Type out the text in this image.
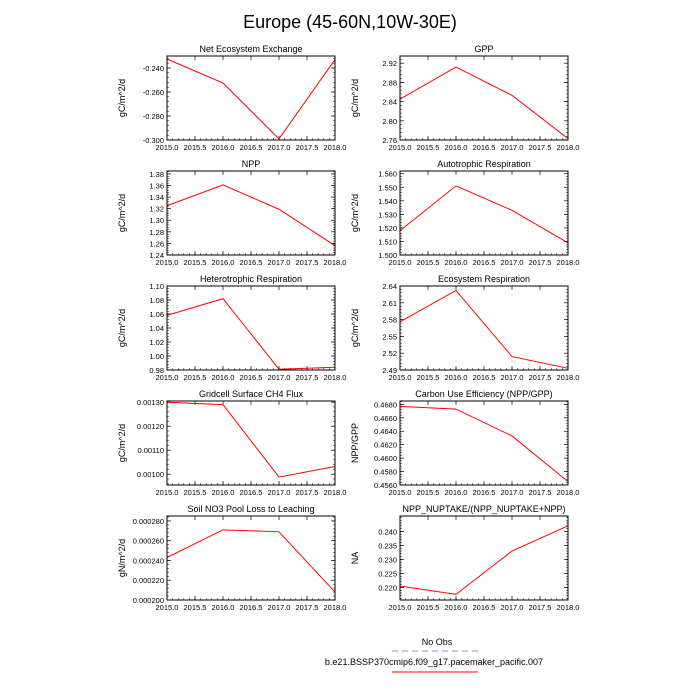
Europe (45-60N,10W-30E)
Net Ecosystem Exchange
gC/m^2/d
2015.0 2015.5 2016.0 2016.5 2017.0 2017.5 2018.0
-0.300
-0.280
-0.260
-0.240
GPP
gC/m^2/d
2015.0 2015.5 2016.0 2016.5 2017.0 2017.5 2018.0
2.76
2.80
2.84
2.88
2.92
NPP
gC/m^2/d
2015.0 2015.5 2016.0 2016.5 2017.0 2017.5 2018.0
1.24
1.26
1.28
1.30
1.32
1.34
1.36
1.38
Autotrophic Respiration
gC/m^2/d
2015.0 2015.5 2016.0 2016.5 2017.0 2017.5 2018.0
1.500
1.510
1.520
1.530
1.540
1.550
1.560
Heterotrophic Respiration
gC/m^2/d
2015.0 2015.5 2016.0 2016.5 2017.0 2017.5 2018.0
0.98
1.00
1.02
1.04
1.06
1.08
1.10
Ecosystem Respiration
gC/m^2/d
2015.0 2015.5 2016.0 2016.5 2017.0 2017.5 2018.0
2.49
2.52
2.55
2.58
2.61
2.64
Gridcell Surface CH4 Flux
gC/m^2/d
2015.0 2015.5 2016.0 2016.5 2017.0 2017.5 2018.0
0.00100
0.00110
0.00120
0.00130
Carbon Use Efficiency (NPP/GPP)
NPP/GPP
2015.0 2015.5 2016.0 2016.5 2017.0 2017.5 2018.0
0.4560
0.4580
0.4600
0.4620
0.4640
0.4660
0.4680
Soil NO3 Pool Loss to Leaching
gN/m^2/d
2015.0 2015.5 2016.0 2016.5 2017.0 2017.5 2018.0
0.000200
0.000220
0.000240
0.000260
0.000280
NPP_NUPTAKE/(NPP_NUPTAKE+NPP)
NA
2015.0 2015.5 2016.0 2016.5 2017.0 2017.5 2018.0
0.220
0.225
0.230
0.235
0.240
No Obs
b.e21.BSSP370cmip6.f09_g17.pacemaker_pacific.007
